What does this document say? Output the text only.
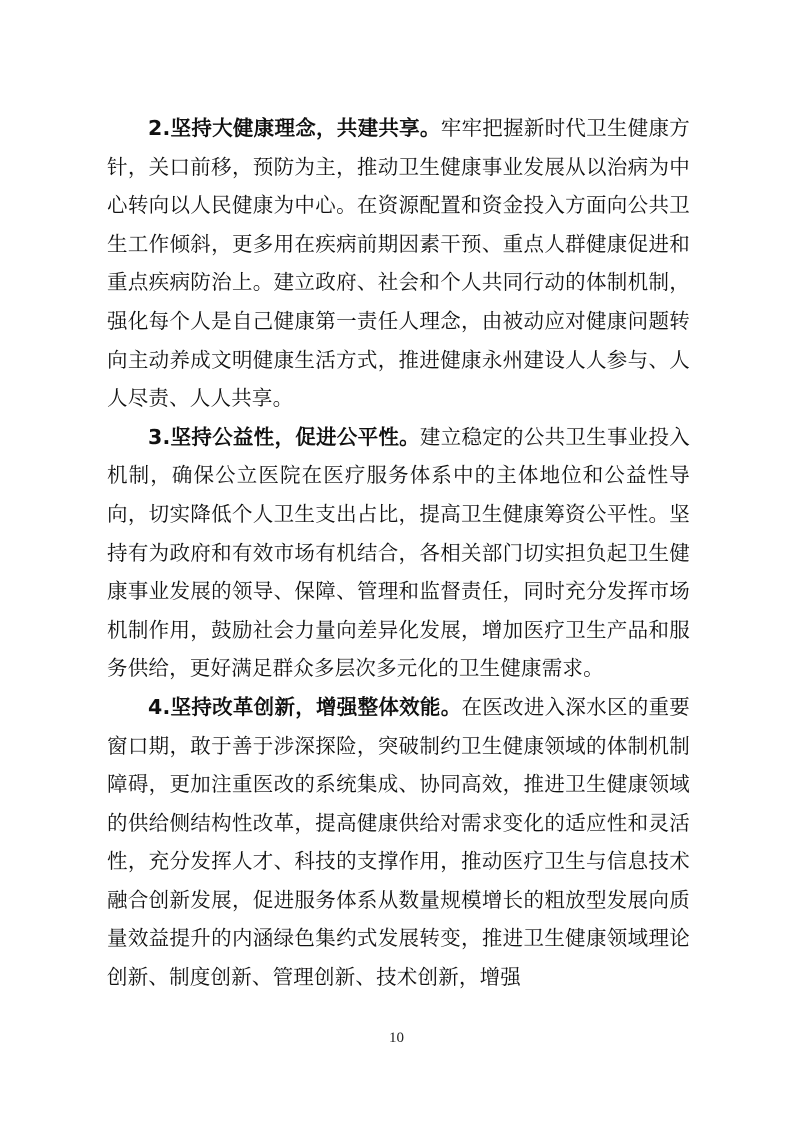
2.坚持大健康理念，共建共享。牢牢把握新时代卫生健康方针，关口前移，预防为主，推动卫生健康事业发展从以治病为中心转向以人民健康为中心。在资源配置和资金投入方面向公共卫生工作倾斜，更多用在疾病前期因素干预、重点人群健康促进和重点疾病防治上。建立政府、社会和个人共同行动的体制机制，强化每个人是自己健康第一责任人理念，由被动应对健康问题转向主动养成文明健康生活方式，推进健康永州建设人人参与、人人尽责、人人共享。

3.坚持公益性，促进公平性。建立稳定的公共卫生事业投入机制，确保公立医院在医疗服务体系中的主体地位和公益性导向，切实降低个人卫生支出占比，提高卫生健康筹资公平性。坚持有为政府和有效市场有机结合，各相关部门切实担负起卫生健康事业发展的领导、保障、管理和监督责任，同时充分发挥市场机制作用，鼓励社会力量向差异化发展，增加医疗卫生产品和服务供给，更好满足群众多层次多元化的卫生健康需求。

4.坚持改革创新，增强整体效能。在医改进入深水区的重要窗口期，敢于善于涉深探险，突破制约卫生健康领域的体制机制障碍，更加注重医改的系统集成、协同高效，推进卫生健康领域的供给侧结构性改革，提高健康供给对需求变化的适应性和灵活性，充分发挥人才、科技的支撑作用，推动医疗卫生与信息技术融合创新发展，促进服务体系从数量规模增长的粗放型发展向质量效益提升的内涵绿色集约式发展转变，推进卫生健康领域理论创新、制度创新、管理创新、技术创新，增强

10
